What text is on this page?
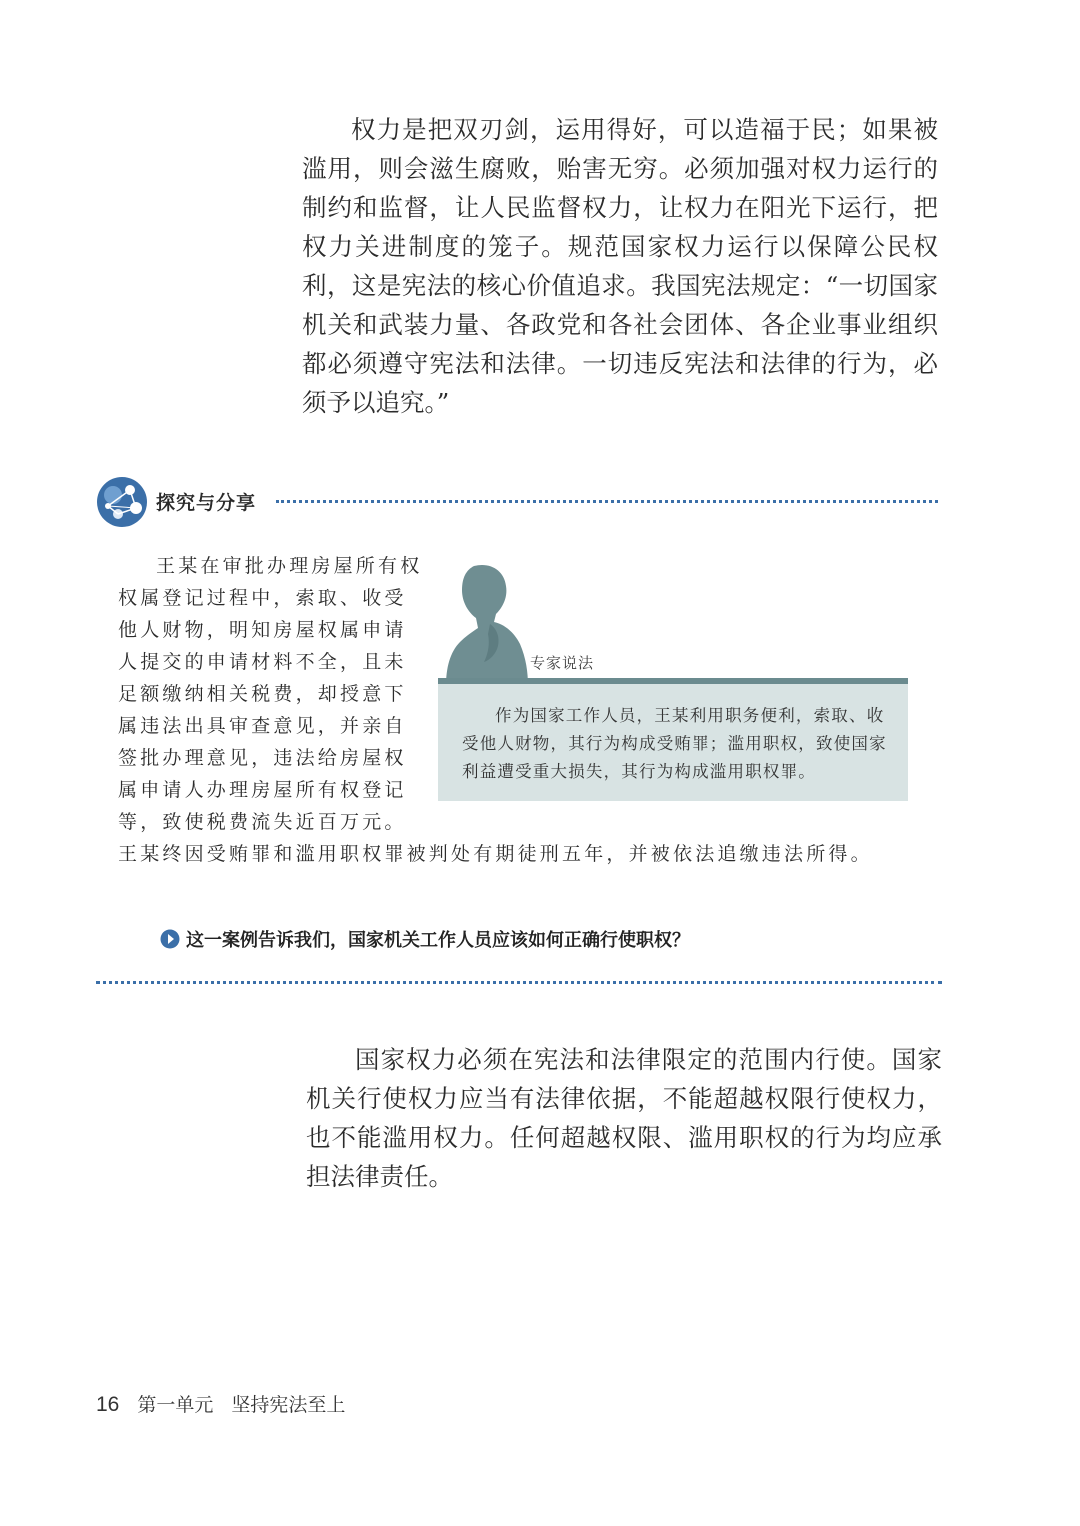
权力是把双刃剑，运用得好，可以造福于民；如果被滥用，则会滋生腐败，贻害无穷。必须加强对权力运行的制约和监督，让人民监督权力，让权力在阳光下运行，把权力关进制度的笼子。规范国家权力运行以保障公民权利，这是宪法的核心价值追求。我国宪法规定：“一切国家机关和武装力量、各政党和各社会团体、各企业事业组织都必须遵守宪法和法律。一切违反宪法和法律的行为，必须予以追究。”

探究与分享

王某在审批办理房屋所有权权属登记过程中，索取、收受他人财物，明知房屋权属申请人提交的申请材料不全，且未足额缴纳相关税费，却授意下属违法出具审查意见，并亲自签批办理意见，违法给房屋权属申请人办理房屋所有权登记等，致使税费流失近百万元。王某终因受贿罪和滥用职权罪被判处有期徒刑五年，并被依法追缴违法所得。

专家说法

作为国家工作人员，王某利用职务便利，索取、收受他人财物，其行为构成受贿罪；滥用职权，致使国家利益遭受重大损失，其行为构成滥用职权罪。

这一案例告诉我们，国家机关工作人员应该如何正确行使职权？

国家权力必须在宪法和法律限定的范围内行使。国家机关行使权力应当有法律依据，不能超越权限行使权力，也不能滥用权力。任何超越权限、滥用职权的行为均应承担法律责任。

16 第一单元 坚持宪法至上
